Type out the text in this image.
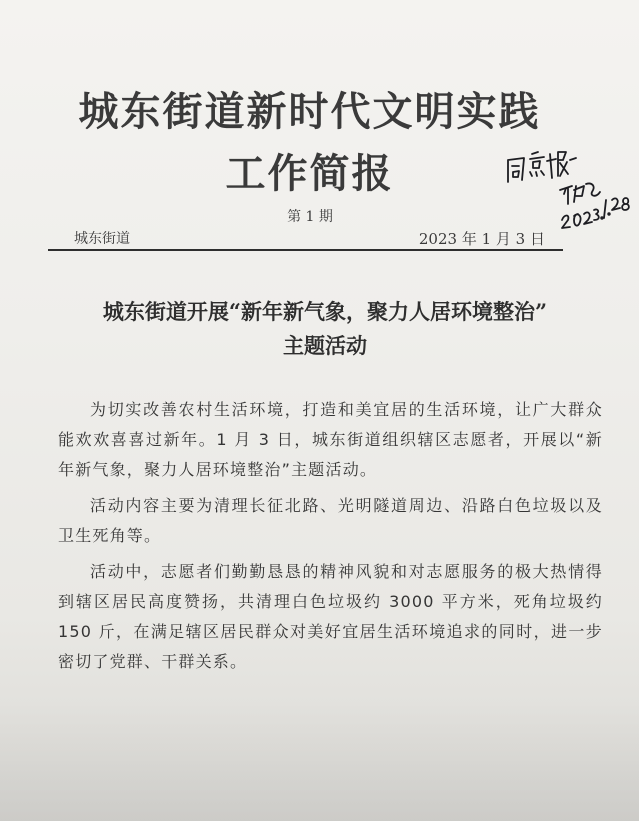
城东街道新时代文明实践
工作简报
第 1 期
城东街道	2023 年 1 月 3 日
城东街道开展“新年新气象，聚力人居环境整治”
主题活动

为切实改善农村生活环境，打造和美宜居的生活环境，让广大群众能欢欢喜喜过新年。1 月 3 日，城东街道组织辖区志愿者，开展以“新年新气象，聚力人居环境整治”主题活动。

活动内容主要为清理长征北路、光明隧道周边、沿路白色垃圾以及卫生死角等。

活动中，志愿者们勤勤恳恳的精神风貌和对志愿服务的极大热情得到辖区居民高度赞扬，共清理白色垃圾约 3000 平方米，死角垃圾约 150 斤，在满足辖区居民群众对美好宜居生活环境追求的同时，进一步密切了党群、干群关系。
